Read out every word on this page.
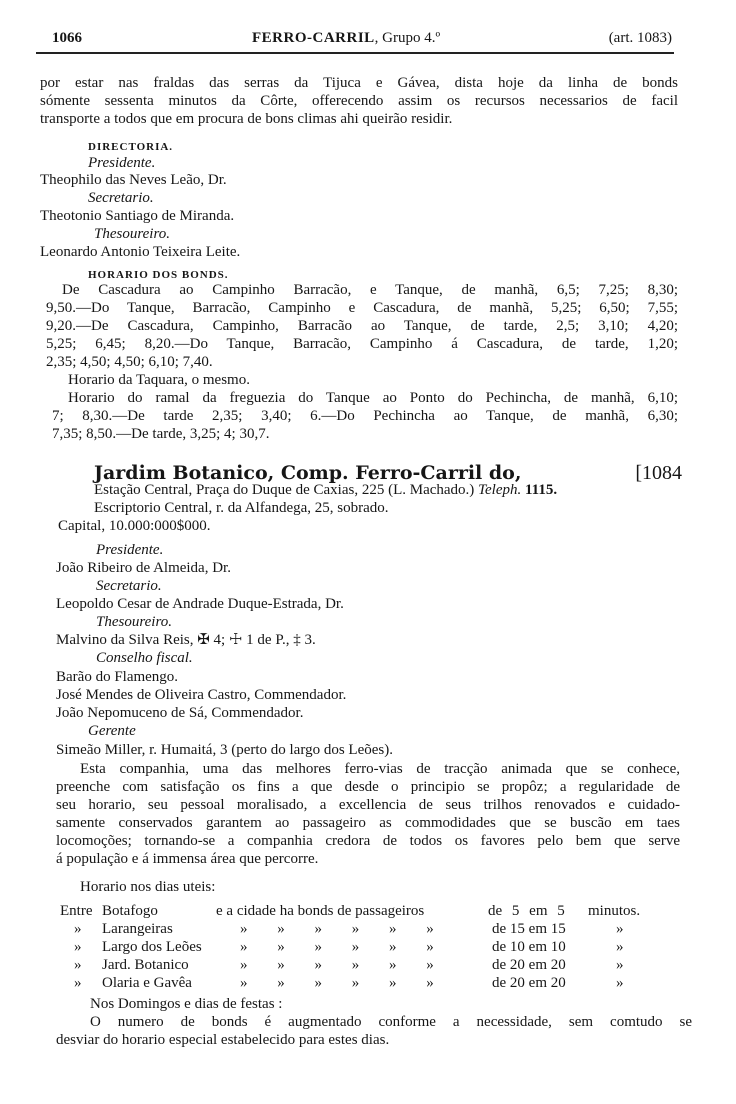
1066	FERRO-CARRIL, Grupo 4.º	(art. 1083)
por estar nas fraldas das serras da Tijuca e Gávea, dista hoje da linha de bonds
sómente sessenta minutos da Côrte, offerecendo assim os recursos necessarios de facil
transporte a todos que em procura de bons climas ahi queirão residir.
DIRECTORIA.
Presidente.
Theophilo das Neves Leão, Dr.
Secretario.
Theotonio Santiago de Miranda.
Thesoureiro.
Leonardo Antonio Teixeira Leite.
HORARIO DOS BONDS.
De Cascadura ao Campinho Barracão, e Tanque, de manhã, 6,5; 7,25; 8,30;
9,50.—Do Tanque, Barracão, Campinho e Cascadura, de manhã, 5,25; 6,50; 7,55;
9,20.—De Cascadura, Campinho, Barracão ao Tanque, de tarde, 2,5; 3,10; 4,20;
5,25; 6,45; 8,20.—Do Tanque, Barracão, Campinho á Cascadura, de tarde, 1,20;
2,35; 4,50; 4,50; 6,10; 7,40.
Horario da Taquara, o mesmo.
Horario do ramal da freguezia do Tanque ao Ponto do Pechincha, de manhã, 6,10;
7; 8,30.—De tarde 2,35; 3,40; 6.—Do Pechincha ao Tanque, de manhã, 6,30;
7,35; 8,50.—De tarde, 3,25; 4; 30,7.
Jardim Botanico, Comp. Ferro-Carril do,	[1084
Estação Central, Praça do Duque de Caxias, 225 (L. Machado.) Teleph. 1115.
Escriptorio Central, r. da Alfandega, 25, sobrado.
Capital, 10.000:000$000.
Presidente.
João Ribeiro de Almeida, Dr.
Secretario.
Leopoldo Cesar de Andrade Duque-Estrada, Dr.
Thesoureiro.
Malvino da Silva Reis, ✠ 4; ☩ 1 de P., ‡ 3.
Conselho fiscal.
Barão do Flamengo.
José Mendes de Oliveira Castro, Commendador.
João Nepomuceno de Sá, Commendador.
Gerente
Simeão Miller, r. Humaitá, 3 (perto do largo dos Leões).
Esta companhia, uma das melhores ferro-vias de tracção animada que se conhece,
preenche com satisfação os fins a que desde o principio se propôz; a regularidade de
seu horario, seu pessoal moralisado, a excellencia de seus trilhos renovados e cuidado-
samente conservados garantem ao passageiro as commodidades que se buscão em taes
locomoções; tornando-se a companhia credora de todos os favores pelo bem que serve
á população e á immensa área que percorre.
Horario nos dias uteis:
Entre Botafogo	e a cidade ha bonds de passageiros	de 5 em 5 minutos.
» Larangeiras	» » » » » »	de 15 em 15	»
» Largo dos Leões	» » » » » »	de 10 em 10	»
» Jard. Botanico	» » » » » »	de 20 em 20	»
» Olaria e Gavêa	» » » » » »	de 20 em 20	»
Nos Domingos e dias de festas :
O numero de bonds é augmentado conforme a necessidade, sem comtudo se
desviar do horario especial estabelecido para estes dias.
